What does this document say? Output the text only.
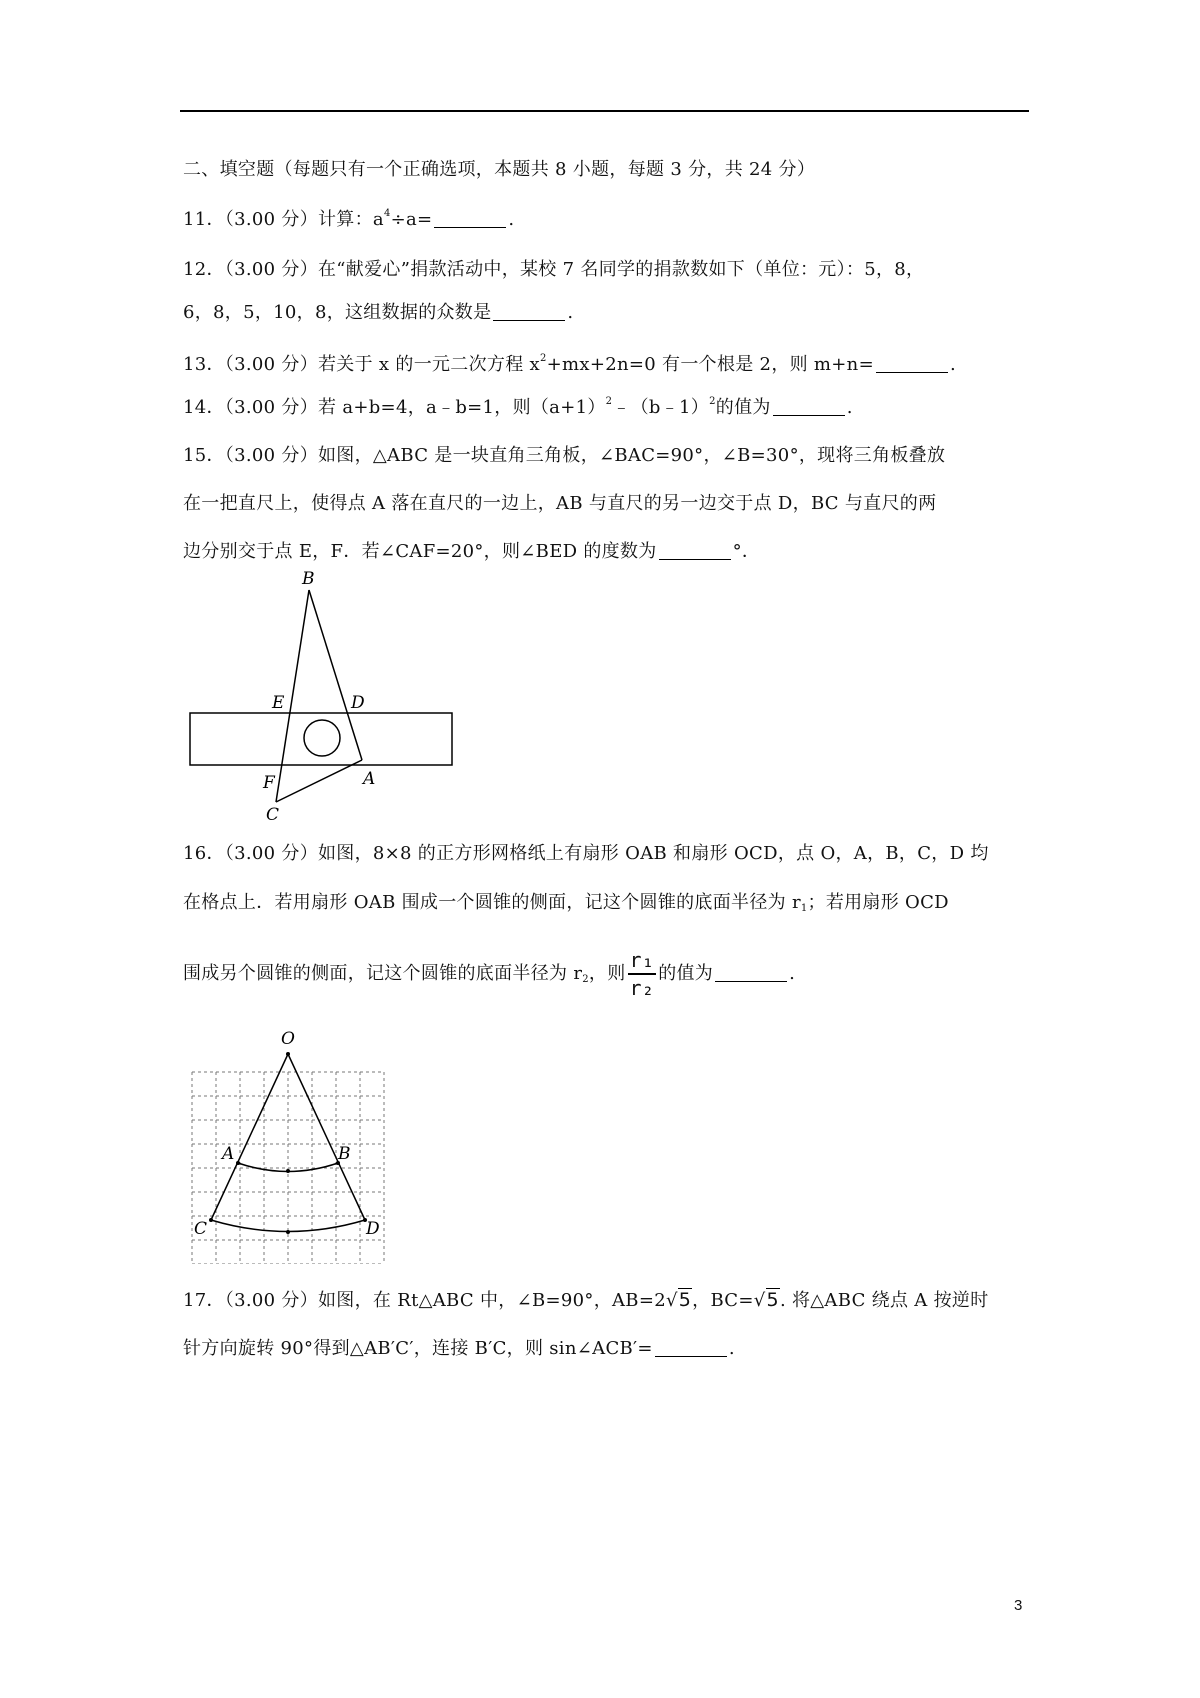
二、填空题（每题只有一个正确选项，本题共 8 小题，每题 3 分，共 24 分）
11．（3.00 分）计算：$a^4\div a=$	.
12．（3.00 分）在“献爱心”捐款活动中，某校 7 名同学的捐款数如下（单位：元）：5，8，
6，8，5，10，8，这组数据的众数是	.
13．（3.00 分）若关于 x 的一元二次方程 $x^2+mx+2n=0$ 有一个根是 2，则 m+n=	.
14．（3.00 分）若 a+b=4，a﹣b=1，则$(a+1)^2﹣(b﹣1)^2$的值为	.
15．（3.00 分）如图，△ABC 是一块直角三角板，∠BAC=90°，∠B=30°，现将三角板叠放
在一把直尺上，使得点 A 落在直尺的一边上，AB 与直尺的另一边交于点 D，BC 与直尺的两
边分别交于点 E，F．若∠CAF=20°，则∠BED 的度数为	°．
B
E	D
F	A
C
16．（3.00 分）如图，8×8 的正方形网格纸上有扇形 OAB 和扇形 OCD，点 O，A，B，C，D 均
在格点上．若用扇形 OAB 围成一个圆锥的侧面，记这个圆锥的底面半径为 $r_1$；若用扇形 OCD
围成另个圆锥的侧面，记这个圆锥的底面半径为 $r_2$，则 $\frac{\text{r₁}}{\text{r₂}}$ 的值为	.
O
A	B
C	D
17．（3.00 分）如图，在 Rt△ABC 中，∠B=90°，AB=2√5，BC=√5. 将△ABC 绕点 A 按逆时
针方向旋转 90°得到△AB′C′，连接 B′C，则 sin∠ACB′=	.
3
